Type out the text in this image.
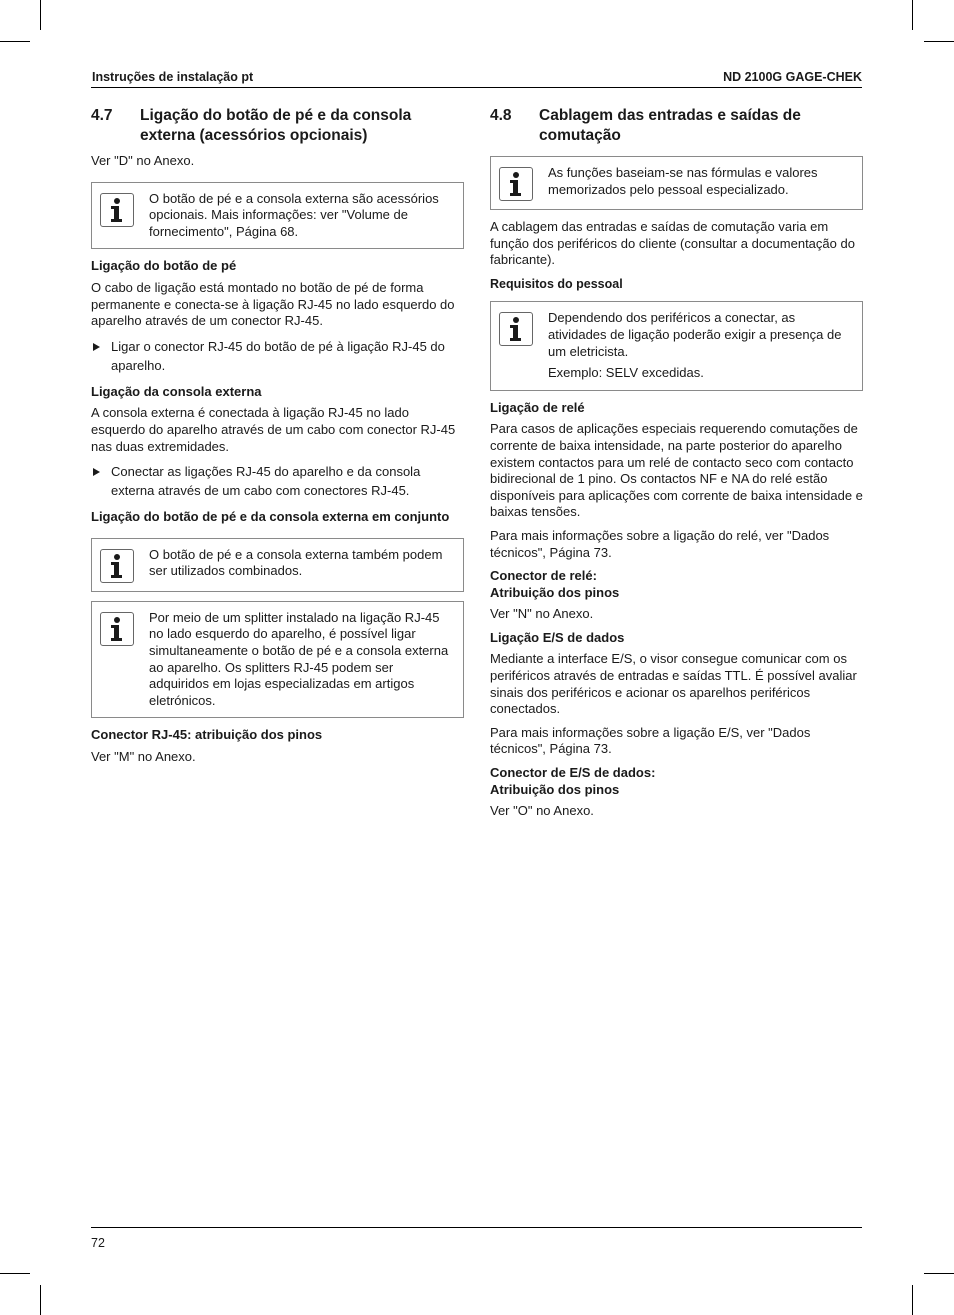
Instruções de instalação pt	ND 2100G GAGE-CHEK
4.7	Ligação do botão de pé e da consola externa (acessórios opcionais)

Ver "D" no Anexo.

O botão de pé e a consola externa são acessórios opcionais. Mais informações: ver "Volume de fornecimento", Página 68.

Ligação do botão de pé

O cabo de ligação está montado no botão de pé de forma permanente e conecta-se à ligação RJ-45 no lado esquerdo do aparelho através de um conector RJ-45.

Ligar o conector RJ-45 do botão de pé à ligação RJ-45 do aparelho.
Ligação da consola externa

A consola externa é conectada à ligação RJ-45 no lado esquerdo do aparelho através de um cabo com conector RJ-45 nas duas extremidades.

Conectar as ligações RJ-45 do aparelho e da consola externa através de um cabo com conectores RJ-45.
Ligação do botão de pé e da consola externa em conjunto

O botão de pé e a consola externa também podem ser utilizados combinados.

Por meio de um splitter instalado na ligação RJ-45 no lado esquerdo do aparelho, é possível ligar simultaneamente o botão de pé e a consola externa ao aparelho. Os splitters RJ-45 podem ser adquiridos em lojas especializadas em artigos eletrónicos.

Conector RJ-45: atribuição dos pinos

Ver "M" no Anexo.

4.8	Cablagem das entradas e saídas de comutação

As funções baseiam-se nas fórmulas e valores memorizados pelo pessoal especializado.

A cablagem das entradas e saídas de comutação varia em função dos periféricos do cliente (consultar a documentação do fabricante).

Requisitos do pessoal

Dependendo dos periféricos a conectar, as atividades de ligação poderão exigir a presença de um eletricista.

Exemplo: SELV excedidas.

Ligação de relé

Para casos de aplicações especiais requerendo comutações de corrente de baixa intensidade, na parte posterior do aparelho existem contactos para um relé de contacto seco com contacto bidirecional de 1 pino. Os contactos NF e NA do relé estão disponíveis para aplicações com corrente de baixa intensidade e baixas tensões.

Para mais informações sobre a ligação do relé, ver "Dados técnicos", Página 73.

Conector de relé:
Atribuição dos pinos

Ver "N" no Anexo.

Ligação E/S de dados

Mediante a interface E/S, o visor consegue comunicar com os periféricos através de entradas e saídas TTL. É possível avaliar sinais dos periféricos e acionar os aparelhos periféricos conectados.

Para mais informações sobre a ligação E/S, ver "Dados técnicos", Página 73.

Conector de E/S de dados:
Atribuição dos pinos

Ver "O" no Anexo.

72
